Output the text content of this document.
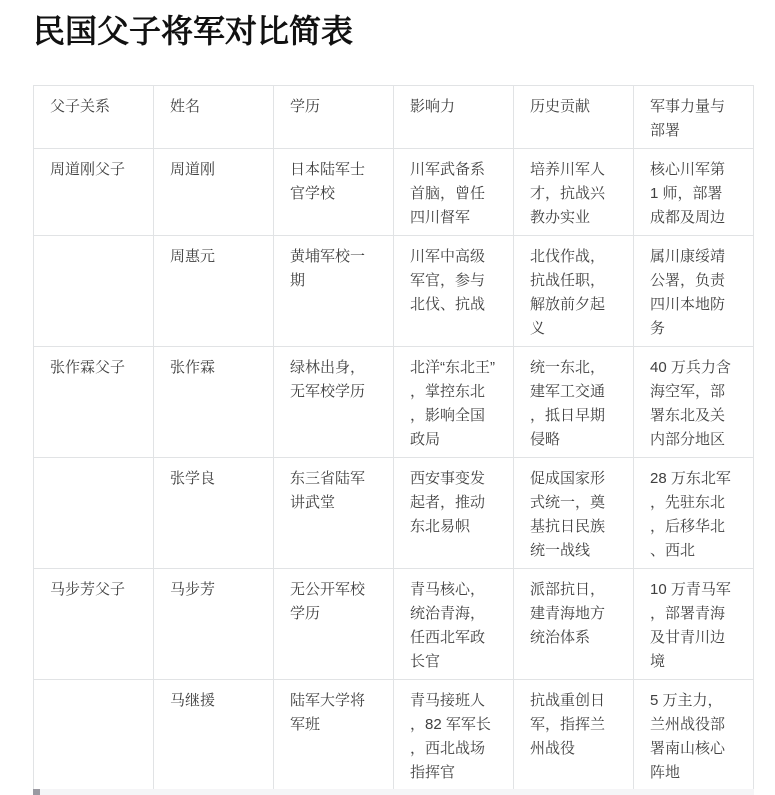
民国父子将军对比简表
父子关系	姓名	学历	影响力	历史贡献	军事力量与部署
周道刚父子	周道刚	日本陆军士官学校	川军武备系首脑，曾任四川督军	培养川军人才，抗战兴教办实业	核心川军第 1 师，部署成都及周边
	周惠元	黄埔军校一期	川军中高级军官，参与北伐、抗战	北伐作战，抗战任职，解放前夕起义	属川康绥靖公署，负责四川本地防务
张作霖父子	张作霖	绿林出身，无军校学历	北洋“东北王”，掌控东北，影响全国政局	统一东北，建军工交通，抵日早期侵略	40 万兵力含海空军，部署东北及关内部分地区
	张学良	东三省陆军讲武堂	西安事变发起者，推动东北易帜	促成国家形式统一，奠基抗日民族统一战线	28 万东北军，先驻东北，后移华北、西北
马步芳父子	马步芳	无公开军校学历	青马核心，统治青海，任西北军政长官	派部抗日，建青海地方统治体系	10 万青马军，部署青海及甘青川边境
	马继援	陆军大学将军班	青马接班人，82 军军长，西北战场指挥官	抗战重创日军，指挥兰州战役	5 万主力，兰州战役部署南山核心阵地
